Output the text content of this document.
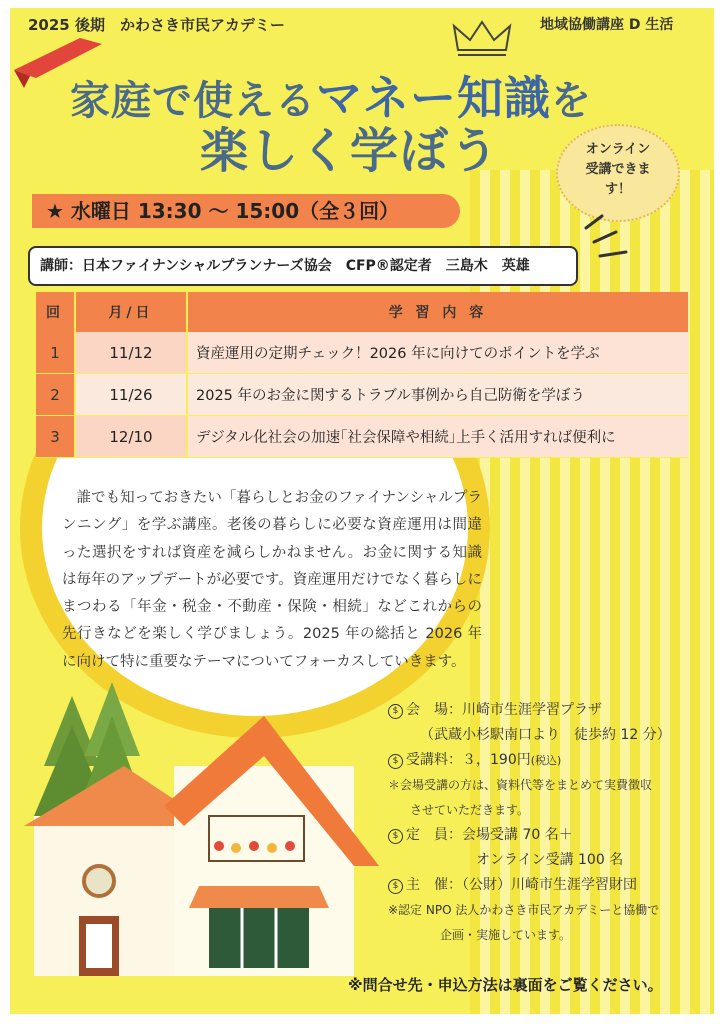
2025 後期　かわさき市民アカデミー	地域協働講座 D 生活
家庭で使えるマネー知識を
楽しく学ぼう	オンライン
受講できま
す！
★ 水曜日 13:30 ～ 15:00（全３回）
講師：日本ファイナンシャルプランナーズ協会　CFP®認定者　三島木　英雄
回	月/日	学 習 内 容
1	11/12	資産運用の定期チェック！2026 年に向けてのポイントを学ぶ
2	11/26	2025 年のお金に関するトラブル事例から自己防衛を学ぼう
3	12/10	デジタル化社会の加速｢社会保障や相続｣上手く活用すれば便利に
誰でも知っておきたい「暮らしとお金のファイナンシャルプランニング」を学ぶ講座。老後の暮らしに必要な資産運用は間違った選択をすれば資産を減らしかねません。お金に関する知識は毎年のアップデートが必要です。資産運用だけでなく暮らしにまつわる「年金・税金・不動産・保険・相続」などこれからの先行きなどを楽しく学びましょう。2025 年の総括と 2026 年に向けて特に重要なテーマについてフォーカスしていきます。
$ 会　場：川崎市生涯学習プラザ
（武蔵小杉駅南口より　徒歩約 12 分）
$ 受講料：３，190円(税込)
＊会場受講の方は、資料代等をまとめて実費徴収
させていただきます。
$ 定　員：会場受講 70 名＋
オンライン受講 100 名
$ 主　催：（公財）川崎市生涯学習財団
※認定 NPO 法人かわさき市民アカデミーと協働で
企画・実施しています。
※問合せ先・申込方法は裏面をご覧ください。
